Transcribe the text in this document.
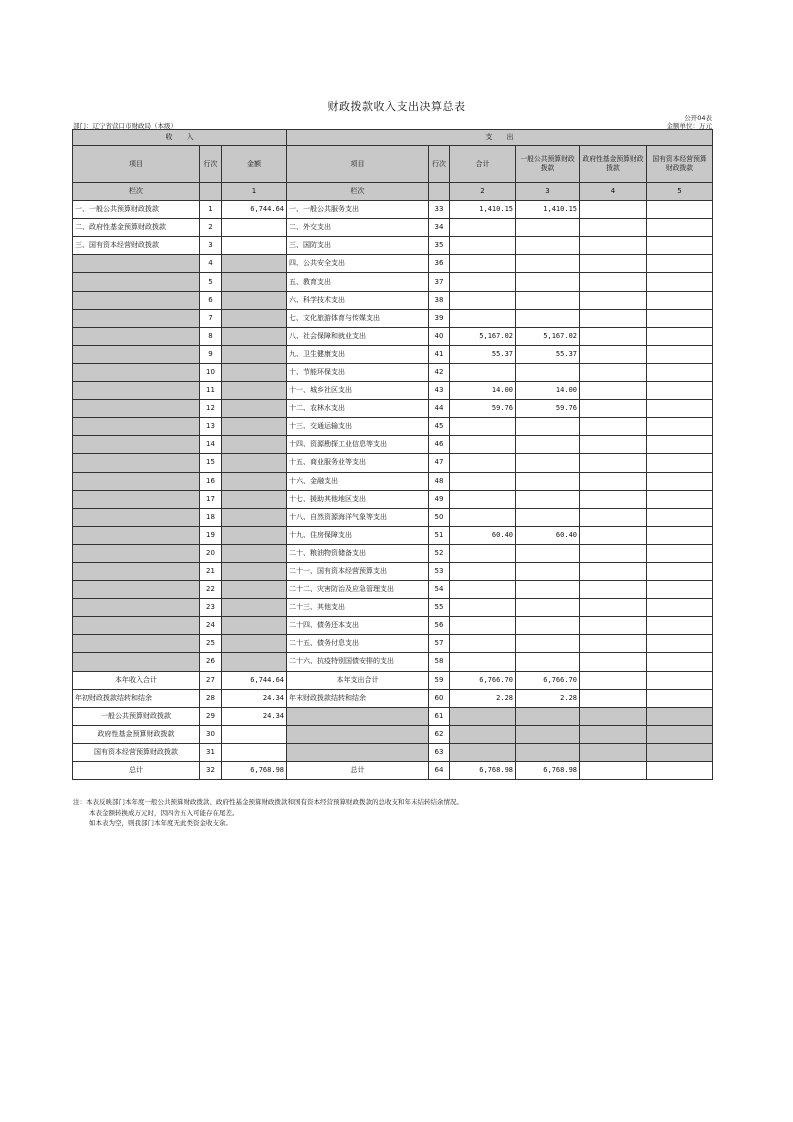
财政拨款收入支出决算总表
公开04表
部门：辽宁省营口市财政局（本级）	金额单位：万元
收　　入			支　　出					
项目	行次	金额	项目	行次	合计	一般公共预算财政拨款	政府性基金预算财政拨款	国有资本经营预算财政拨款
栏次		1	栏次		2	3	4	5
一、一般公共预算财政拨款	1	6,744.64	一、一般公共服务支出	33	1,410.15	1,410.15		
二、政府性基金预算财政拨款	2		二、外交支出	34				
三、国有资本经营财政拨款	3		三、国防支出	35				
	4		四、公共安全支出	36				
	5		五、教育支出	37				
	6		六、科学技术支出	38				
	7		七、文化旅游体育与传媒支出	39				
	8		八、社会保障和就业支出	40	5,167.02	5,167.02		
	9		九、卫生健康支出	41	55.37	55.37		
	10		十、节能环保支出	42				
	11		十一、城乡社区支出	43	14.00	14.00		
	12		十二、农林水支出	44	59.76	59.76		
	13		十三、交通运输支出	45				
	14		十四、资源勘探工业信息等支出	46				
	15		十五、商业服务业等支出	47				
	16		十六、金融支出	48				
	17		十七、援助其他地区支出	49				
	18		十八、自然资源海洋气象等支出	50				
	19		十九、住房保障支出	51	60.40	60.40		
	20		二十、粮油物资储备支出	52				
	21		二十一、国有资本经营预算支出	53				
	22		二十二、灾害防治及应急管理支出	54				
	23		二十三、其他支出	55				
	24		二十四、债务还本支出	56				
	25		二十五、债务付息支出	57				
	26		二十六、抗疫特别国债安排的支出	58				
本年收入合计	27	6,744.64	本年支出合计	59	6,766.70	6,766.70		
年初财政拨款结转和结余	28	24.34	年末财政拨款结转和结余	60	2.28	2.28		
一般公共预算财政拨款	29	24.34		61				
政府性基金预算财政拨款	30			62				
国有资本经营预算财政拨款	31			63				
总计	32	6,768.98	总计	64	6,768.98	6,768.98		
注：本表反映部门本年度一般公共预算财政拨款、政府性基金预算财政拨款和国有资本经营预算财政拨款的总收支和年末结转结余情况。
本表金额转换成万元时，因四舍五入可能存在尾差。
如本表为空，则我部门本年度无此类资金收支余。
